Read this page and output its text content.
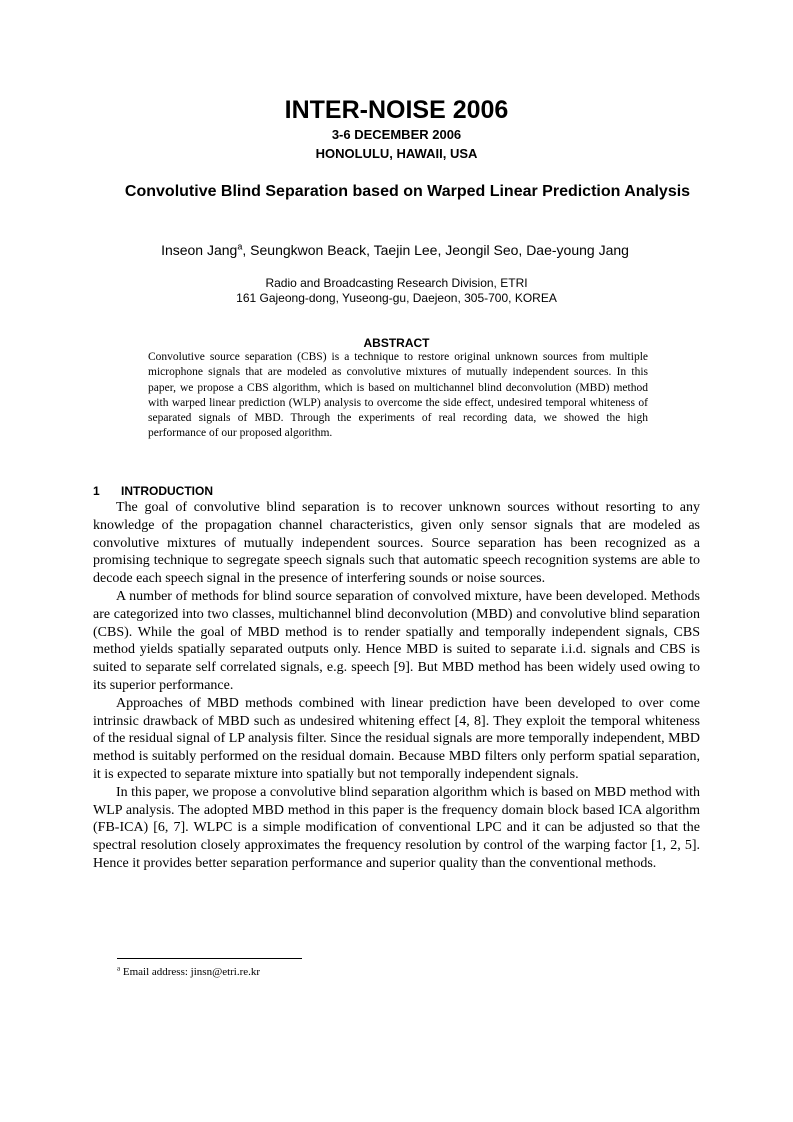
INTER-NOISE 2006
3-6 DECEMBER 2006
HONOLULU, HAWAII, USA
Convolutive Blind Separation based on Warped Linear Prediction Analysis
Inseon Jang$^a$, Seungkwon Beack, Taejin Lee, Jeongil Seo, Dae-young Jang
Radio and Broadcasting Research Division, ETRI
161 Gajeong-dong, Yuseong-gu, Daejeon, 305-700, KOREA
ABSTRACT
Convolutive source separation (CBS) is a technique to restore original unknown sources from multiple microphone signals that are modeled as convolutive mixtures of mutually independent sources. In this paper, we propose a CBS algorithm, which is based on multichannel blind deconvolution (MBD) method with warped linear prediction (WLP) analysis to overcome the side effect, undesired temporal whiteness of separated signals of MBD. Through the experiments of real recording data, we showed the high performance of our proposed algorithm.
1 INTRODUCTION

The goal of convolutive blind separation is to recover unknown sources without resorting to any knowledge of the propagation channel characteristics, given only sensor signals that are modeled as convolutive mixtures of mutually independent sources. Source separation has been recognized as a promising technique to segregate speech signals such that automatic speech recognition systems are able to decode each speech signal in the presence of interfering sounds or noise sources.

A number of methods for blind source separation of convolved mixture, have been developed. Methods are categorized into two classes, multichannel blind deconvolution (MBD) and convolutive blind separation (CBS). While the goal of MBD method is to render spatially and temporally independent signals, CBS method yields spatially separated outputs only. Hence MBD is suited to separate i.i.d. signals and CBS is suited to separate self correlated signals, e.g. speech [9]. But MBD method has been widely used owing to its superior performance.

Approaches of MBD methods combined with linear prediction have been developed to over come intrinsic drawback of MBD such as undesired whitening effect [4, 8]. They exploit the temporal whiteness of the residual signal of LP analysis filter. Since the residual signals are more temporally independent, MBD method is suitably performed on the residual domain. Because MBD filters only perform spatial separation, it is expected to separate mixture into spatially but not temporally independent signals.

In this paper, we propose a convolutive blind separation algorithm which is based on MBD method with WLP analysis. The adopted MBD method in this paper is the frequency domain block based ICA algorithm (FB-ICA) [6, 7]. WLPC is a simple modification of conventional LPC and it can be adjusted so that the spectral resolution closely approximates the frequency resolution by control of the warping factor [1, 2, 5]. Hence it provides better separation performance and superior quality than the conventional methods.

$^a$ Email address: jinsn@etri.re.kr
